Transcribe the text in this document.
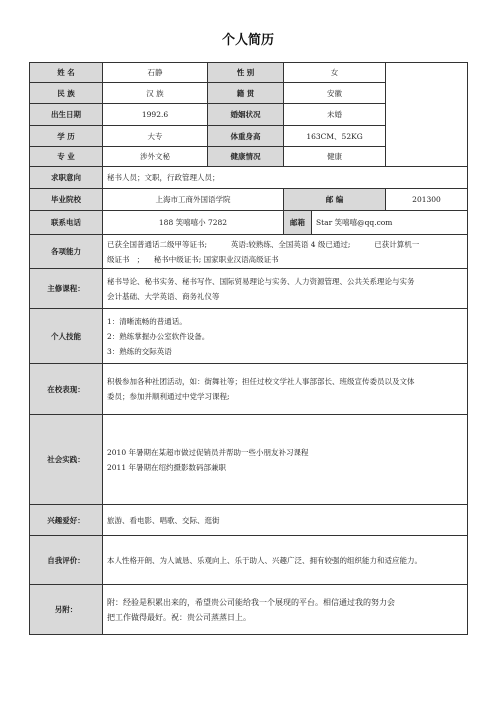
个人简历
姓 名	石静	性 别	女		
民 族	汉 族	籍 贯	安徽		
出生日期	1992.6	婚姻状况	未婚		
学 历	大专	体重身高	163CM、52KG		
专 业	涉外文秘	健康情况	健康		
求职意向	秘书人员；文职，行政管理人员；				
毕业院校	上海市工商外国语学院		邮 编		201300
联系电话	188 笑嘻嘻小 7282		邮箱	Star 笑嘻嘻@qq.com	
各项能力	已获全国普通话二级甲等证书;          英语:较熟练、全国英语 4 级已通过;          已获计算机一
级证书   ；    秘书中级证书; 国家职业汉语高级证书				

主修课程：	秘书导论、秘书实务、秘书写作、国际贸易理论与实务、人力资源管理、公共关系理论与实务
会计基础、大学英语、商务礼仪等				

个人技能	1：清晰流畅的普通话。
2：熟练掌握办公室软件设备。
3：熟练的交际英语				

在校表现：	积极参加各种社团活动，如：街舞社等；担任过校文学社人事部部长、班级宣传委员以及文体
委员；参加并顺利通过中党学习课程;				

社会实践：	2010 年暑期在某超市做过促销员并帮助一些小朋友补习课程
2011 年暑期在绍约摄影数码部兼职				

兴趣爱好：	旅游、看电影、唱歌、交际、逛街				
自我评价：	本人性格开朗、为人诚恳、乐观向上、乐于助人、兴趣广泛、拥有较强的组织能力和适应能力。				
另附：	附：经验是积累出来的，希望贵公司能给我一个展现的平台。相信通过我的努力会
把工作做得最好。祝：贵公司蒸蒸日上。				
